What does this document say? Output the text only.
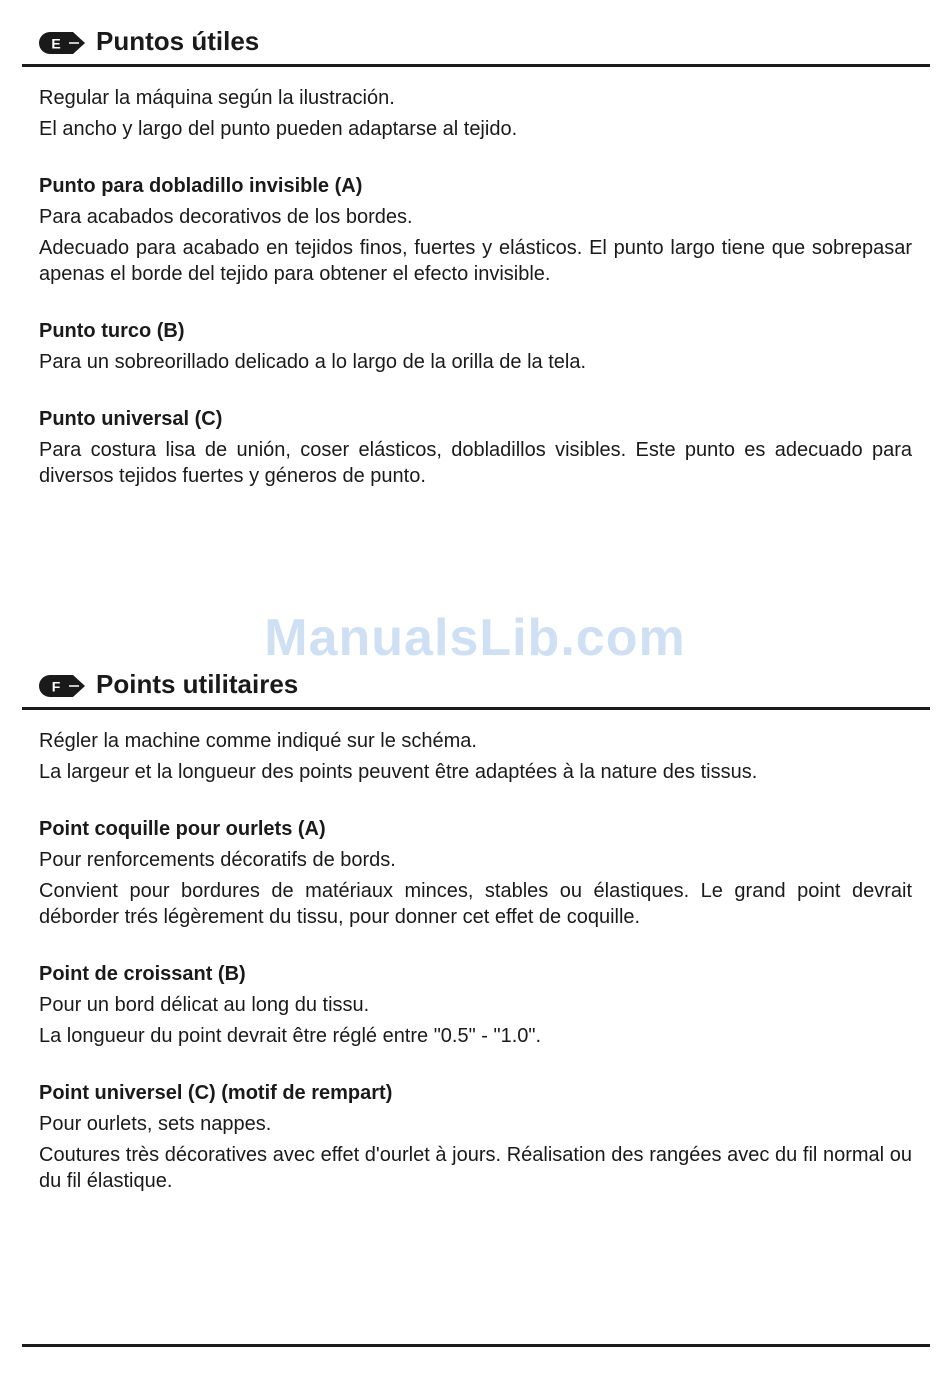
E Puntos útiles

Regular la máquina según la ilustración.

El ancho y largo del punto pueden adaptarse al tejido.

Punto para dobladillo invisible (A)

Para acabados decorativos de los bordes.

Adecuado para acabado en tejidos finos, fuertes y elásticos. El punto largo tiene que sobrepasar apenas el borde del tejido para obtener el efecto invisible.

Punto turco (B)

Para un sobreorillado delicado a lo largo de la orilla de la tela.

Punto universal (C)

Para costura lisa de unión, coser elásticos, dobladillos visibles. Este punto es adecuado para diversos tejidos fuertes y géneros de punto.

ManualsLib.com
F Points utilitaires

Régler la machine comme indiqué sur le schéma.

La largeur et la longueur des points peuvent être adaptées à la nature des tissus.

Point coquille pour ourlets (A)

Pour renforcements décoratifs de bords.

Convient pour bordures de matériaux minces, stables ou élastiques. Le grand point devrait déborder trés légèrement du tissu, pour donner cet effet de coquille.

Point de croissant (B)

Pour un bord délicat au long du tissu.

La longueur du point devrait être réglé entre "0.5" - "1.0".

Point universel (C) (motif de rempart)

Pour ourlets, sets nappes.

Coutures très décoratives avec effet d'ourlet à jours. Réalisation des rangées avec du fil normal ou du fil élastique.
